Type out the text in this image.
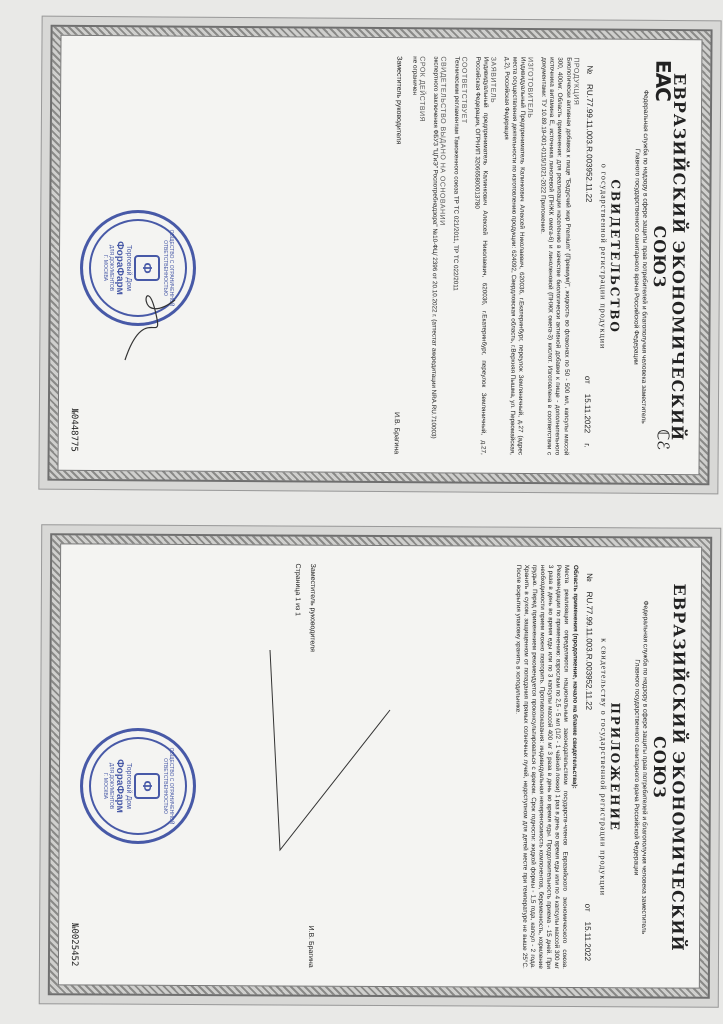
EAC
ℂℰ
ЕВРАЗИЙСКИЙ ЭКОНОМИЧЕСКИЙ СОЮЗ
Федеральная служба по надзору в сфере защиты прав потребителей и благополучия человека заместитель Главного государственного санитарного врача Российской Федерации
СВИДЕТЕЛЬСТВО
о государственной регистрации продукции
№
RU.77.99.11.003.R.003952.11.22
от
15.11.2022
г.
ПРОДУКЦИЯ
Биологически активная добавка к пище "Бадусчий жир Premium" (Премиум)", жидкость во флаконах по 50 - 500 мл, капсулы массой 300, 400мг. Область применения: для реализации населению в качестве биологически активной добавки к пище - дополнительного источника витамина Е, источника линолевой (ПНЖК омега-6) и линоленовой (ПНЖК омега-3) кислот. Изготовлена в соответствии с документами: ТУ 10.89.19-001-0115/1021-2022 Приложение.
ИЗГОТОВИТЕЛЬ
Индивидуальный Предприниматель Калинкович Алексей Николаевич, 620036, г.Екатеринбург, переулок Земляничный, д.27 (адрес места осуществления деятельности по изготовлению продукции: 624092, Свердловская область, г.Верхняя Пышма, ул. Первомайская, д.2), Российская Федерация
ЗАЯВИТЕЛЬ
Индивидуальный предприниматель Калинкович Алексей Николаевич, 620036, г.Екатеринбург, переулок Земляничный, д.27, Российская Федерация, ОГРНИП 320665800013780
СООТВЕТСТВУЕТ
Техническим регламентам Таможенного союза ТР ТС 021/2011, ТР ТС 022/2011
СВИДЕТЕЛЬСТВО ВЫДАНО НА ОСНОВАНИИ
экспертного заключения ФБУЗ "ЦГиЭ" Роспотребнадзора" №10-ФЦ/ 2396 от 20.10.2022 г. (аттестат аккредитации NRA.RU.710003)
СРОК ДЕЙСТВИЯ
не ограничен
Заместитель руководителя
И.В. Брагина
№0448775
ОБЩЕСТВО С ОГРАНИЧЕННОЙ ОТВЕТСТВЕННОСТЬЮ
Ф
Торговый Дом
ФораФарм
ДЛЯ ДОКУМЕНТОВ
Г. МОСКВА
ЕВРАЗИЙСКИЙ ЭКОНОМИЧЕСКИЙ СОЮЗ
Федеральная служба по надзору в сфере защиты прав потребителей и благополучия человека заместитель Главного государственного санитарного врача Российской Федерации
ПРИЛОЖЕНИЕ
к свидетельству о государственной регистрации продукции
№
RU.77.99.11.003.R.003952.11.22
от
15.11.2022
Область применения (продолжение, начало на бланке свидетельства):
Места реализации определяются национальным законодательством государств-членов Евразийского экономического союза. Рекомендации по применению: взрослым по 2,5 - 5 мл (1/2 - 1 чайной ложки) 1 раз в день во время еды или по 4 капсулы массой 300 мг 3 раза в день во время еды или по 3 капсулы массой 400 мг 3 раза в день во время еды. Продолжительность приема - 15 дней. При необходимости прием можно повторить. Противопоказания: индивидуальная непереносимость компонентов, беременность, кормление грудью. Перед применением рекомендуется проконсультироваться с врачом. Срок годности: жидкой формы - 1,5 года, капсул - 2 года. Хранить в сухом, защищенном от попадания прямых солнечных лучей, недоступном для детей месте при температуре не выше 25°С. После вскрытия упаковку хранить в холодильнике.
Заместитель руководителя
И.В. Брагина
Страница

1

из

1
№0025452
ОБЩЕСТВО С ОГРАНИЧЕННОЙ ОТВЕТСТВЕННОСТЬЮ
Ф
Торговый Дом
ФораФарм
ДЛЯ ДОКУМЕНТОВ
Г. МОСКВА
